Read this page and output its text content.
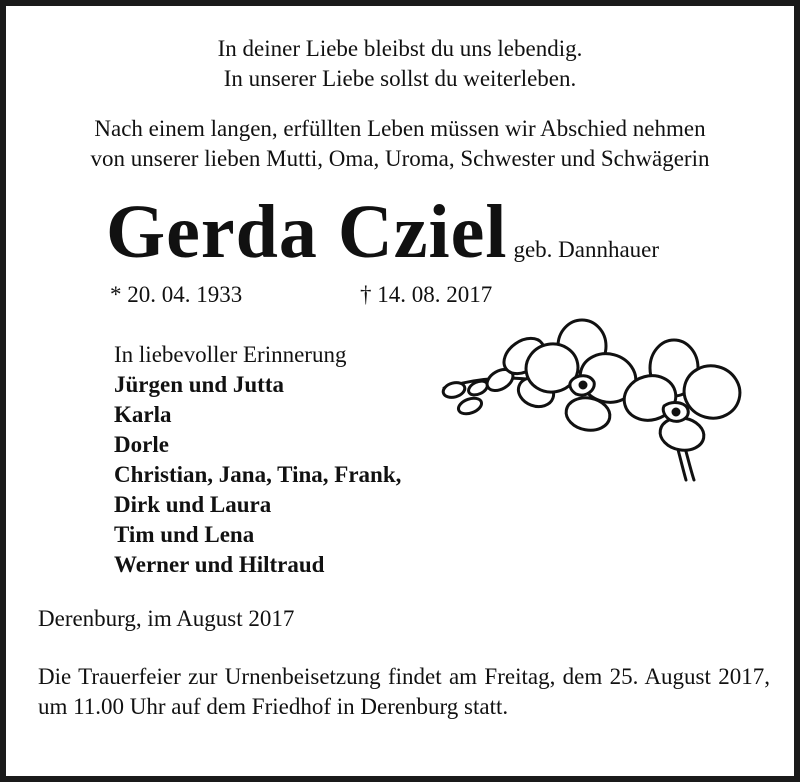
In deiner Liebe bleibst du uns lebendig.
In unserer Liebe sollst du weiterleben.
Nach einem langen, erfüllten Leben müssen wir Abschied nehmen
von unserer lieben Mutti, Oma, Uroma, Schwester und Schwägerin
Gerda Cziel geb. Dannhauer
* 20. 04. 1933	† 14. 08. 2017
In liebevoller Erinnerung
Jürgen und Jutta
Karla
Dorle
Christian, Jana, Tina, Frank,
Dirk und Laura
Tim und Lena
Werner und Hiltraud
Derenburg, im August 2017
Die Trauerfeier zur Urnenbeisetzung findet am Freitag, dem 25. August 2017, um 11.00 Uhr auf dem Friedhof in Derenburg statt.
